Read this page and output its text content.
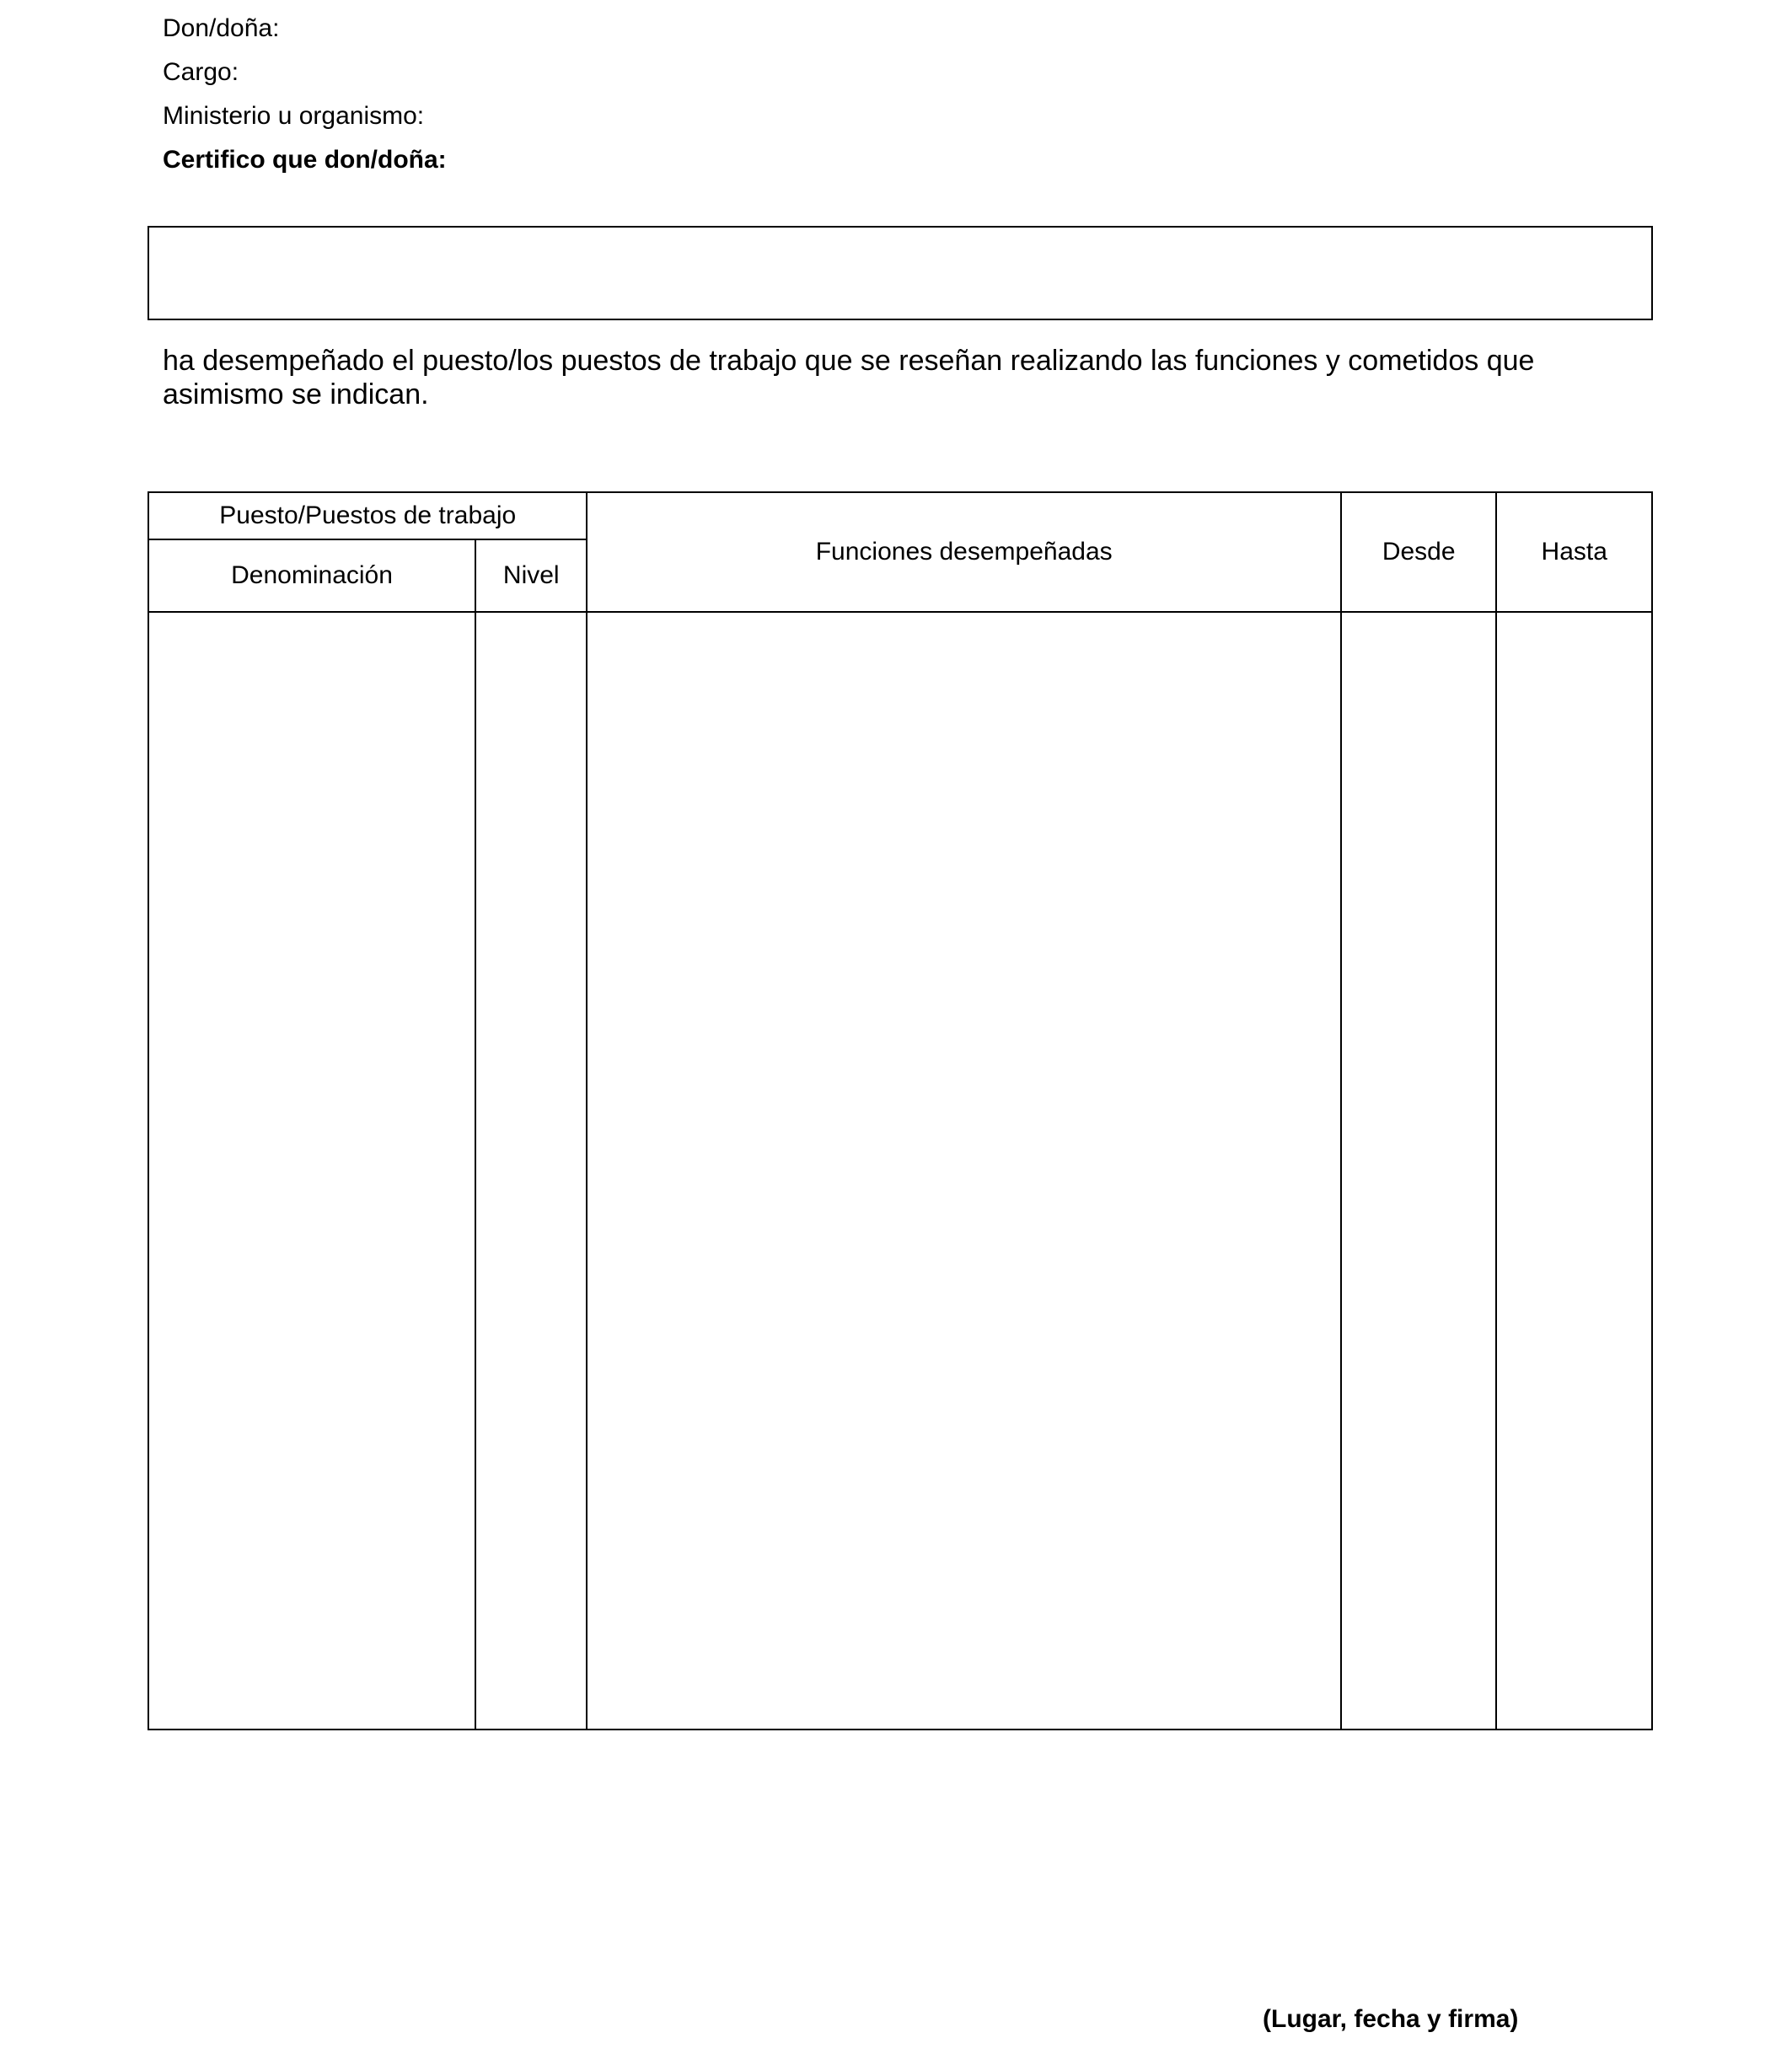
Don/doña:
Cargo:
Ministerio u organismo:
Certifico que don/doña:
ha desempeñado el puesto/los puestos de trabajo que se reseñan realizando las funciones y cometidos que asimismo se indican.
Puesto/Puestos de trabajo		Funciones desempeñadas	Desde	Hasta
Denominación	Nivel			

(Lugar, fecha y firma)
